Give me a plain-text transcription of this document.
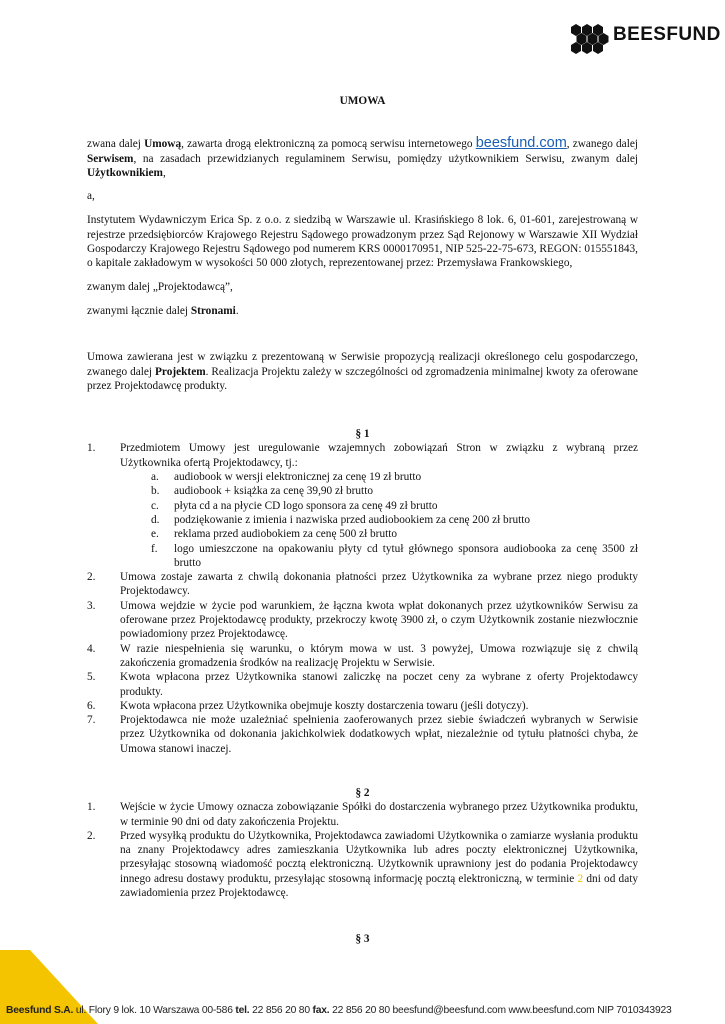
BEESFUND
UMOWA

zwana dalej Umową, zawarta drogą elektroniczną za pomocą serwisu internetowego beesfund.com, zwanego dalej Serwisem, na zasadach przewidzianych regulaminem Serwisu, pomiędzy użytkownikiem Serwisu, zwanym dalej Użytkownikiem,

a,

Instytutem Wydawniczym Erica Sp. z o.o. z siedzibą w Warszawie ul. Krasińskiego 8 lok. 6, 01-601, zarejestrowaną w rejestrze przedsiębiorców Krajowego Rejestru Sądowego prowadzonym przez Sąd Rejonowy w Warszawie XII Wydział Gospodarczy Krajowego Rejestru Sądowego pod numerem KRS 0000170951, NIP 525-22-75-673, REGON: 015551843, o kapitale zakładowym w wysokości 50 000 złotych, reprezentowanej przez: Przemysława Frankowskiego,

zwanym dalej „Projektodawcą”,

zwanymi łącznie dalej Stronami.

Umowa zawierana jest w związku z prezentowaną w Serwisie propozycją realizacji określonego celu gospodarczego, zwanego dalej Projektem. Realizacja Projektu zależy w szczególności od zgromadzenia minimalnej kwoty za oferowane przez Projektodawcę produkty.

§ 1
1. Przedmiotem Umowy jest uregulowanie wzajemnych zobowiązań Stron w związku z wybraną przez Użytkownika ofertą Projektodawcy, tj.:
a. audiobook w wersji elektronicznej za cenę 19 zł brutto
b. audiobook + książka za cenę 39,90 zł brutto
c. płyta cd a na płycie CD logo sponsora za cenę 49 zł brutto
d. podziękowanie z imienia i nazwiska przed audiobookiem za cenę 200 zł brutto
e. reklama przed audiobokiem za cenę 500 zł brutto
f. logo umieszczone na opakowaniu płyty cd tytuł głównego sponsora audiobooka za cenę 3500 zł brutto
2. Umowa zostaje zawarta z chwilą dokonania płatności przez Użytkownika za wybrane przez niego produkty Projektodawcy.
3. Umowa wejdzie w życie pod warunkiem, że łączna kwota wpłat dokonanych przez użytkowników Serwisu za oferowane przez Projektodawcę produkty, przekroczy kwotę 3900 zł, o czym Użytkownik zostanie niezwłocznie powiadomiony przez Projektodawcę.
4. W razie niespełnienia się warunku, o którym mowa w ust. 3 powyżej, Umowa rozwiązuje się z chwilą zakończenia gromadzenia środków na realizację Projektu w Serwisie.
5. Kwota wpłacona przez Użytkownika stanowi zaliczkę na poczet ceny za wybrane z oferty Projektodawcy produkty.
6. Kwota wpłacona przez Użytkownika obejmuje koszty dostarczenia towaru (jeśli dotyczy).
7. Projektodawca nie może uzależniać spełnienia zaoferowanych przez siebie świadczeń wybranych w Serwisie przez Użytkownika od dokonania jakichkolwiek dodatkowych wpłat, niezależnie od tytułu płatności chyba, że Umowa stanowi inaczej.
§ 2
1. Wejście w życie Umowy oznacza zobowiązanie Spółki do dostarczenia wybranego przez Użytkownika produktu, w terminie 90 dni od daty zakończenia Projektu.
2. Przed wysyłką produktu do Użytkownika, Projektodawca zawiadomi Użytkownika o zamiarze wysłania produktu na znany Projektodawcy adres zamieszkania Użytkownika lub adres poczty elektronicznej Użytkownika, przesyłając stosowną wiadomość pocztą elektroniczną. Użytkownik uprawniony jest do podania Projektodawcy innego adresu dostawy produktu, przesyłając stosowną informację pocztą elektroniczną, w terminie 2 dni od daty zawiadomienia przez Projektodawcę.
§ 3
Beesfund S.A. ul. Flory 9 lok. 10 Warszawa 00-586 tel. 22 856 20 80 fax. 22 856 20 80 beesfund@beesfund.com www.beesfund.com NIP 7010343923
